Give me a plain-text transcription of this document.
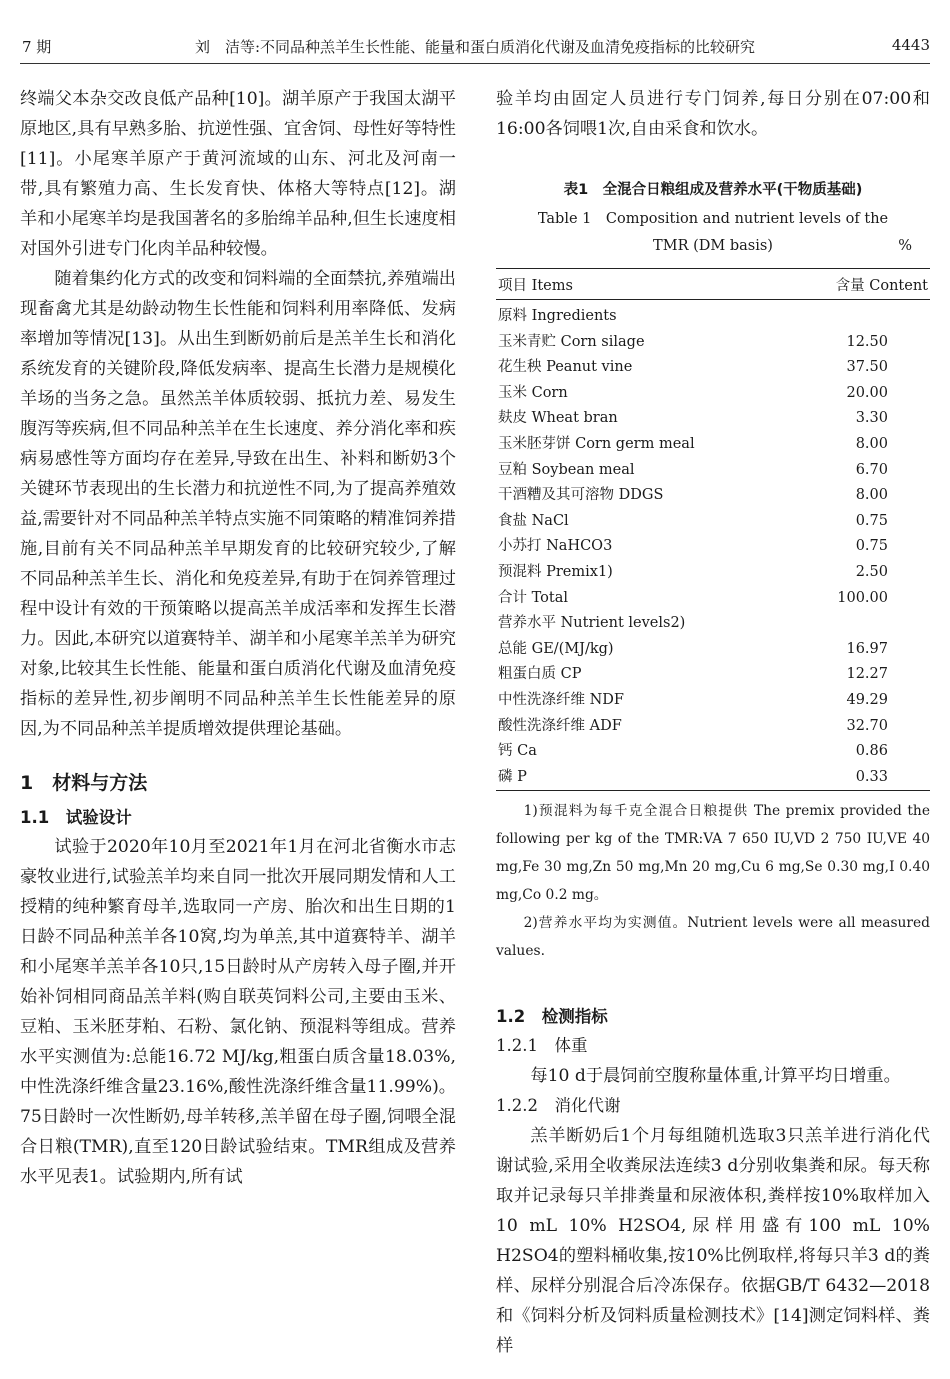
7 期	刘　洁等:不同品种羔羊生长性能、能量和蛋白质消化代谢及血清免疫指标的比较研究	4443

终端父本杂交改良低产品种[10]。湖羊原产于我国太湖平原地区,具有早熟多胎、抗逆性强、宜舍饲、母性好等特性[11]。小尾寒羊原产于黄河流域的山东、河北及河南一带,具有繁殖力高、生长发育快、体格大等特点[12]。湖羊和小尾寒羊均是我国著名的多胎绵羊品种,但生长速度相对国外引进专门化肉羊品种较慢。

随着集约化方式的改变和饲料端的全面禁抗,养殖端出现畜禽尤其是幼龄动物生长性能和饲料利用率降低、发病率增加等情况[13]。从出生到断奶前后是羔羊生长和消化系统发育的关键阶段,降低发病率、提高生长潜力是规模化羊场的当务之急。虽然羔羊体质较弱、抵抗力差、易发生腹泻等疾病,但不同品种羔羊在生长速度、养分消化率和疾病易感性等方面均存在差异,导致在出生、补料和断奶3个关键环节表现出的生长潜力和抗逆性不同,为了提高养殖效益,需要针对不同品种羔羊特点实施不同策略的精准饲养措施,目前有关不同品种羔羊早期发育的比较研究较少,了解不同品种羔羊生长、消化和免疫差异,有助于在饲养管理过程中设计有效的干预策略以提高羔羊成活率和发挥生长潜力。因此,本研究以道赛特羊、湖羊和小尾寒羊羔羊为研究对象,比较其生长性能、能量和蛋白质消化代谢及血清免疫指标的差异性,初步阐明不同品种羔羊生长性能差异的原因,为不同品种羔羊提质增效提供理论基础。

1　材料与方法
1.1　试验设计

试验于2020年10月至2021年1月在河北省衡水市志豪牧业进行,试验羔羊均来自同一批次开展同期发情和人工授精的纯种繁育母羊,选取同一产房、胎次和出生日期的1日龄不同品种羔羊各10窝,均为单羔,其中道赛特羊、湖羊和小尾寒羊羔羊各10只,15日龄时从产房转入母子圈,并开始补饲相同商品羔羊料(购自联英饲料公司,主要由玉米、豆粕、玉米胚芽粕、石粉、氯化钠、预混料等组成。营养水平实测值为:总能16.72 MJ/kg,粗蛋白质含量18.03%,中性洗涤纤维含量23.16%,酸性洗涤纤维含量11.99%)。75日龄时一次性断奶,母羊转移,羔羊留在母子圈,饲喂全混合日粮(TMR),直至120日龄试验结束。TMR组成及营养水平见表1。试验期内,所有试

验羊均由固定人员进行专门饲养,每日分别在07:00和16:00各饲喂1次,自由采食和饮水。

表1　全混合日粮组成及营养水平(干物质基础)
Table 1　Composition and nutrient levels of the
TMR (DM basis)	%
项目 Items	含量 Content
原料 Ingredients	
玉米青贮 Corn silage	12.50
花生秧 Peanut vine	37.50
玉米 Corn	20.00
麸皮 Wheat bran	3.30
玉米胚芽饼 Corn germ meal	8.00
豆粕 Soybean meal	6.70
干酒糟及其可溶物 DDGS	8.00
食盐 NaCl	0.75
小苏打 NaHCO3	0.75
预混料 Premix1)	2.50
合计 Total	100.00
营养水平 Nutrient levels2)	
总能 GE/(MJ/kg)	16.97
粗蛋白质 CP	12.27
中性洗涤纤维 NDF	49.29
酸性洗涤纤维 ADF	32.70
钙 Ca	0.86
磷 P	0.33

1)预混料为每千克全混合日粮提供 The premix provided the following per kg of the TMR:VA 7 650 IU,VD 2 750 IU,VE 40 mg,Fe 30 mg,Zn 50 mg,Mn 20 mg,Cu 6 mg,Se 0.30 mg,I 0.40 mg,Co 0.2 mg。

2)营养水平均为实测值。Nutrient levels were all measured values.

1.2　检测指标
1.2.1　体重

每10 d于晨饲前空腹称量体重,计算平均日增重。

1.2.2　消化代谢

羔羊断奶后1个月每组随机选取3只羔羊进行消化代谢试验,采用全收粪尿法连续3 d分别收集粪和尿。每天称取并记录每只羊排粪量和尿液体积,粪样按10%取样加入10 mL 10% H2SO4,尿样用盛有100 mL 10% H2SO4的塑料桶收集,按10%比例取样,将每只羊3 d的粪样、尿样分别混合后冷冻保存。依据GB/T 6432—2018和《饲料分析及饲料质量检测技术》[14]测定饲料样、粪样
